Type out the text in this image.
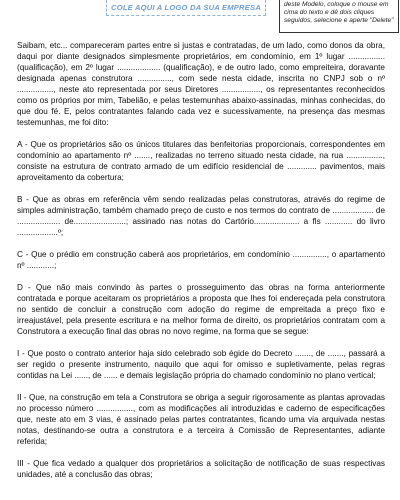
COLE AQUI A LOGO DA SUA EMPRESA	deste Modelo, coloque o mouse em cima do texto e dê dois cliques seguidos, selecione e aperte "Delete"

Saibam, etc... compareceram partes entre si justas e contratadas, de um lado, como donos da obra, daqui por diante designados simplesmente proprietários, em condomínio, em 1º lugar ................ (qualificação), em 2º lugar ................... (qualificação), e de outro lado, como empreiteira, doravante designada apenas construtora ..............., com sede nesta cidade, inscrita no CNPJ sob o nº ................, neste ato representada por seus Diretores ................., os representantes reconhecidos como os próprios por mim, Tabelião, e pelas testemunhas abaixo-assinadas, minhas conhecidas, do que dou fé. E, pelos contratantes falando cada vez e sucessivamente, na presença das mesmas testemunhas, me foi dito:

A - Que os proprietários são os únicos titulares das benfeitorias proporcionais, correspondentes em condomínio ao apartamento nº ......., realizadas no terreno situado nesta cidade, na rua ................, consiste na estrutura de contrato armado de um edifício residencial de ............. pavimentos, mais aproveitamento da cobertura;

B - Que as obras em referência vêm sendo realizadas pelas construtoras, através do regime de simples administração, também chamado preço de custo e nos termos do contrato de .................. de ................... de.......................; assinado nas notas do Cartório.................... a fls ............ do livro ..................º;

C - Que o prédio em construção caberá aos proprietários, em condomínio ..............., o apartamento nº ............;

D - Que não mais convindo às partes o prosseguimento das obras na forma anteriormente contratada e porque aceitaram os proprietários a proposta que lhes foi endereçada pela construtora no sentido de concluir a construção com adoção do regime de empreitada a preço fixo e irreajustável, pela presente escritura e na melhor forma de direito, os proprietários contratam com a Construtora a execução final das obras no novo regime, na forma que se segue:

I - Que posto o contrato anterior haja sido celebrado sob égide do Decreto ......., de ......., passará a ser regido o presente instrumento, naquilo que aqui for omisso e supletivamente, pelas regras contidas na Lei ......, de ...... e demais legislação própria do chamado condomínio no plano vertical;

II - Que, na construção em tela a Construtora se obriga a seguir rigorosamente as plantas aprovadas no processo número ................, com as modificações ali introduzidas e caderno de especificações que, neste ato em 3 vias, é assinado pelas partes contratantes, ficando uma via arquivada nestas notas, destinando-se outra a construtora e a terceira à Comissão de Representantes, adiante referida;

III - Que fica vedado a qualquer dos proprietários a solicitação de notificação de suas respectivas unidades, até a conclusão das obras;
